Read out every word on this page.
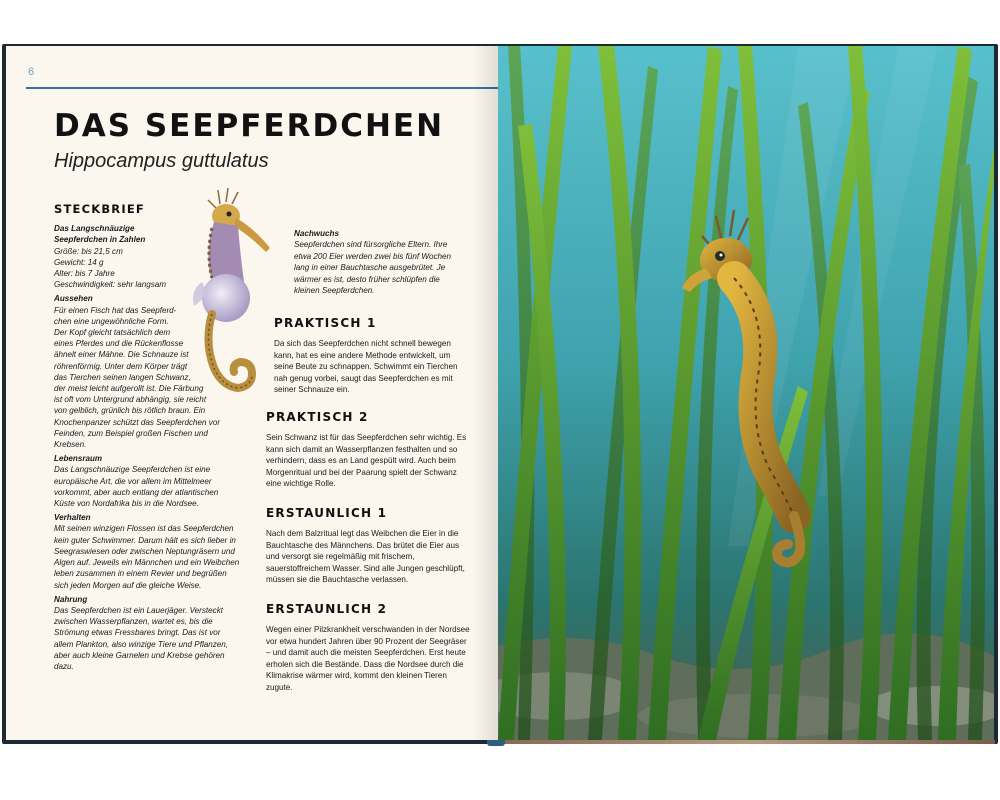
6
DAS SEEPFERDCHEN
Hippocampus guttulatus
STECKBRIEF

Das Langschnäuzige Seepferdchen in Zahlen

Größe: bis 21,5 cm

Gewicht: 14 g

Alter: bis 7 Jahre

Geschwindigkeit: sehr langsam

Aussehen

Für einen Fisch hat das Seepferd-

chen eine ungewöhnliche Form.

Der Kopf gleicht tatsächlich dem

eines Pferdes und die Rückenflosse

ähnelt einer Mähne. Die Schnauze ist

röhrenförmig. Unter dem Körper trägt

das Tierchen seinen langen Schwanz,

der meist leicht aufgerollt ist. Die Färbung

ist oft vom Untergrund abhängig, sie reicht

von gelblich, grünlich bis rötlich braun. Ein

Knochenpanzer schützt das Seepferdchen vor

Feinden, zum Beispiel großen Fischen und Krebsen.

Lebensraum

Das Langschnäuzige Seepferdchen ist eine europäische Art, die vor allem im Mittelmeer vorkommt, aber auch entlang der atlantischen Küste von Nordafrika bis in die Nordsee.

Verhalten

Mit seinen winzigen Flossen ist das Seepferdchen kein guter Schwimmer. Darum hält es sich lieber in Seegraswiesen oder zwischen Neptungräsern und Algen auf. Jeweils ein Männchen und ein Weibchen leben zusammen in einem Revier und begrüßen sich jeden Morgen auf die gleiche Weise.

Nahrung

Das Seepferdchen ist ein Lauerjäger. Versteckt zwischen Wasserpflanzen, wartet es, bis die Strömung etwas Fressbares bringt. Das ist vor allem Plankton, also winzige Tiere und Pflanzen, aber auch kleine Garnelen und Krebse gehören dazu.

Nachwuchs

Seepferdchen sind fürsorgliche Eltern. Ihre etwa 200 Eier werden zwei bis fünf Wochen lang in einer Bauchtasche ausgebrütet. Je wärmer es ist, desto früher schlüpfen die kleinen Seepferdchen.

PRAKTISCH 1

Da sich das Seepferdchen nicht schnell bewegen kann, hat es eine andere Methode entwickelt, um seine Beute zu schnappen. Schwimmt ein Tierchen nah genug vorbei, saugt das Seepferdchen es mit seiner Schnauze ein.

PRAKTISCH 2

Sein Schwanz ist für das Seepferdchen sehr wichtig. Es kann sich damit an Wasserpflanzen festhalten und so verhindern, dass es an Land gespült wird. Auch beim Morgenritual und bei der Paarung spielt der Schwanz eine wichtige Rolle.

ERSTAUNLICH 1

Nach dem Balzritual legt das Weibchen die Eier in die Bauchtasche des Männchens. Das brütet die Eier aus und versorgt sie regelmäßig mit frischem, sauerstoffreichem Wasser. Sind alle Jungen geschlüpft, müssen sie die Bauchtasche verlassen.

ERSTAUNLICH 2

Wegen einer Pilzkrankheit verschwanden in der Nordsee vor etwa hundert Jahren über 90 Prozent der Seegräser – und damit auch die meisten Seepferdchen. Erst heute erholen sich die Bestände. Dass die Nordsee durch die Klimakrise wärmer wird, kommt den kleinen Tieren zugute.
